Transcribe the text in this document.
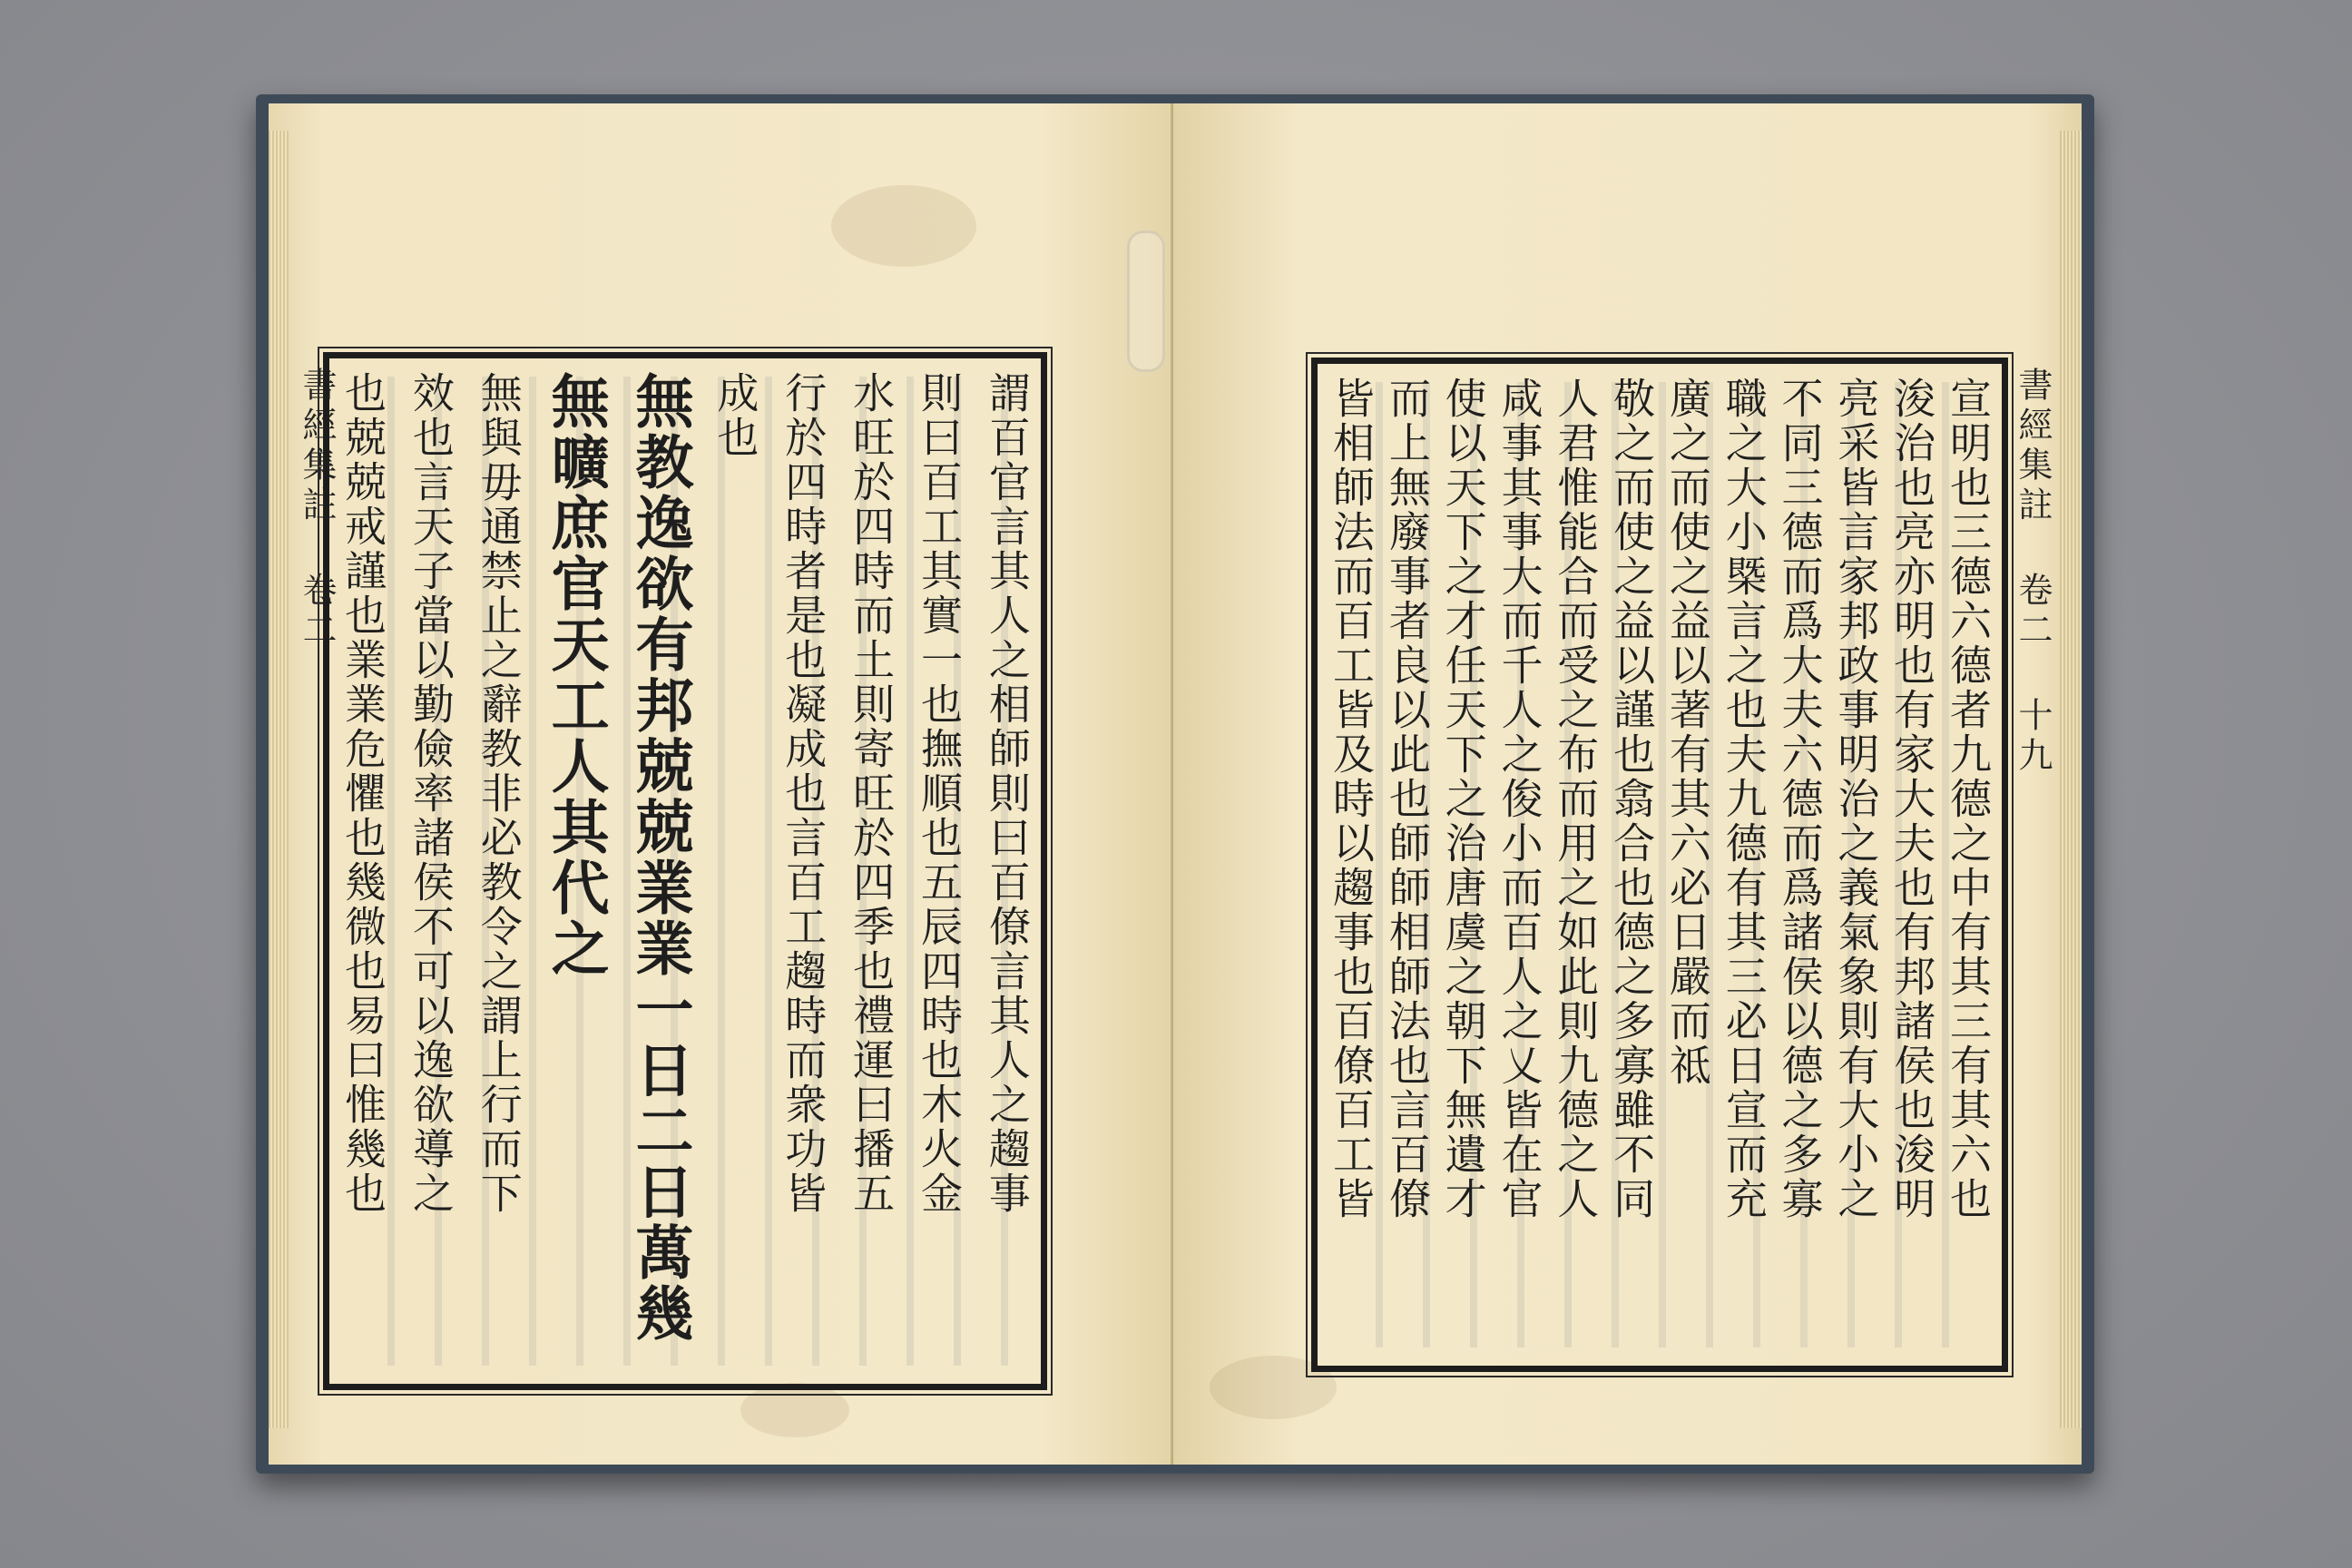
書經集註 卷二	謂百官言其人之相師則曰百僚言其人之趨事
則曰百工其實一也撫順也五辰四時也木火金
水旺於四時而土則寄旺於四季也禮運曰播五
行於四時者是也凝成也言百工趨時而衆功皆
成也
無教逸欲有邦兢兢業業一日二日萬幾
無曠庶官天工人其代之
無與毋通禁止之辭教非必教令之謂上行而下
效也言天子當以勤儉率諸侯不可以逸欲導之
也兢兢戒謹也業業危懼也幾微也易曰惟幾也	宣明也三德六德者九德之中有其三有其六也
浚治也亮亦明也有家大夫也有邦諸侯也浚明
亮采皆言家邦政事明治之義氣象則有大小之
不同三德而爲大夫六德而爲諸侯以德之多寡
職之大小槩言之也夫九德有其三必日宣而充
廣之而使之益以著有其六必日嚴而祗
敬之而使之益以謹也翕合也德之多寡雖不同
人君惟能合而受之布而用之如此則九德之人
咸事其事大而千人之俊小而百人之乂皆在官
使以天下之才任天下之治唐虞之朝下無遺才
而上無廢事者良以此也師師相師法也言百僚
皆相師法而百工皆及時以趨事也百僚百工皆	書經集註 卷二 十九
